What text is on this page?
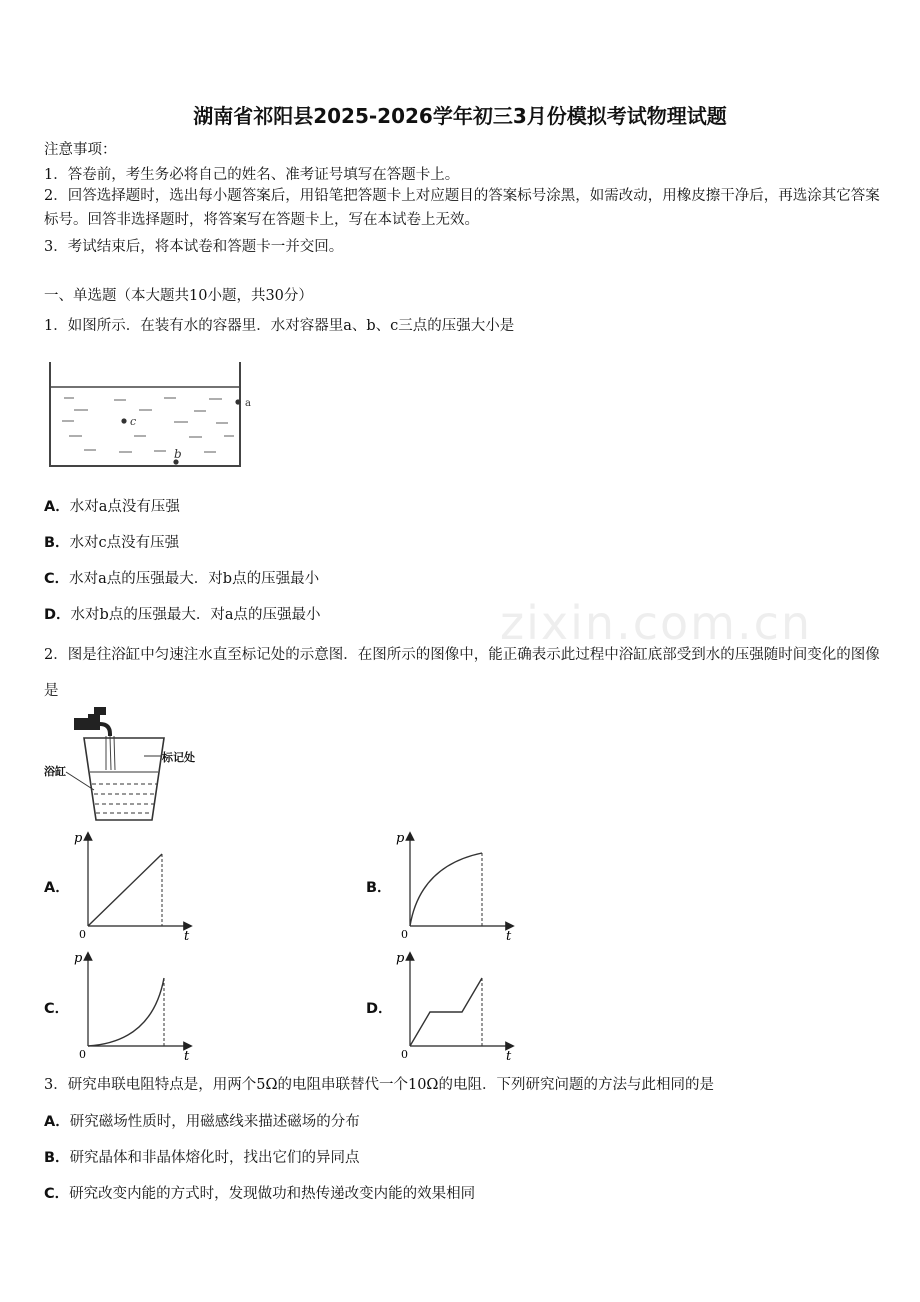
zixin.com.cn
湖南省祁阳县2025-2026学年初三3月份模拟考试物理试题
注意事项：
1．答卷前，考生务必将自己的姓名、准考证号填写在答题卡上。
2．回答选择题时，选出每小题答案后，用铅笔把答题卡上对应题目的答案标号涂黑，如需改动，用橡皮擦干净后，再选涂其它答案标号。回答非选择题时，将答案写在答题卡上，写在本试卷上无效。
3．考试结束后，将本试卷和答题卡一并交回。
一、单选题（本大题共10小题，共30分）
1．如图所示．在装有水的容器里．水对容器里a、b、c三点的压强大小是
a
c
b
A．水对a点没有压强
B．水对c点没有压强
C．水对a点的压强最大．对b点的压强最小
D．水对b点的压强最大．对a点的压强最小
2．图是往浴缸中匀速注水直至标记处的示意图．在图所示的图像中，能正确表示此过程中浴缸底部受到水的压强随时间变化的图像是
标记处
浴缸
A．
p
t
0
B．
p
t
0
C．
p
t
0
D．
p
t
0
3．研究串联电阻特点是，用两个5Ω的电阻串联替代一个10Ω的电阻．下列研究问题的方法与此相同的是
A．研究磁场性质时，用磁感线来描述磁场的分布
B．研究晶体和非晶体熔化时，找出它们的异同点
C．研究改变内能的方式时，发现做功和热传递改变内能的效果相同
